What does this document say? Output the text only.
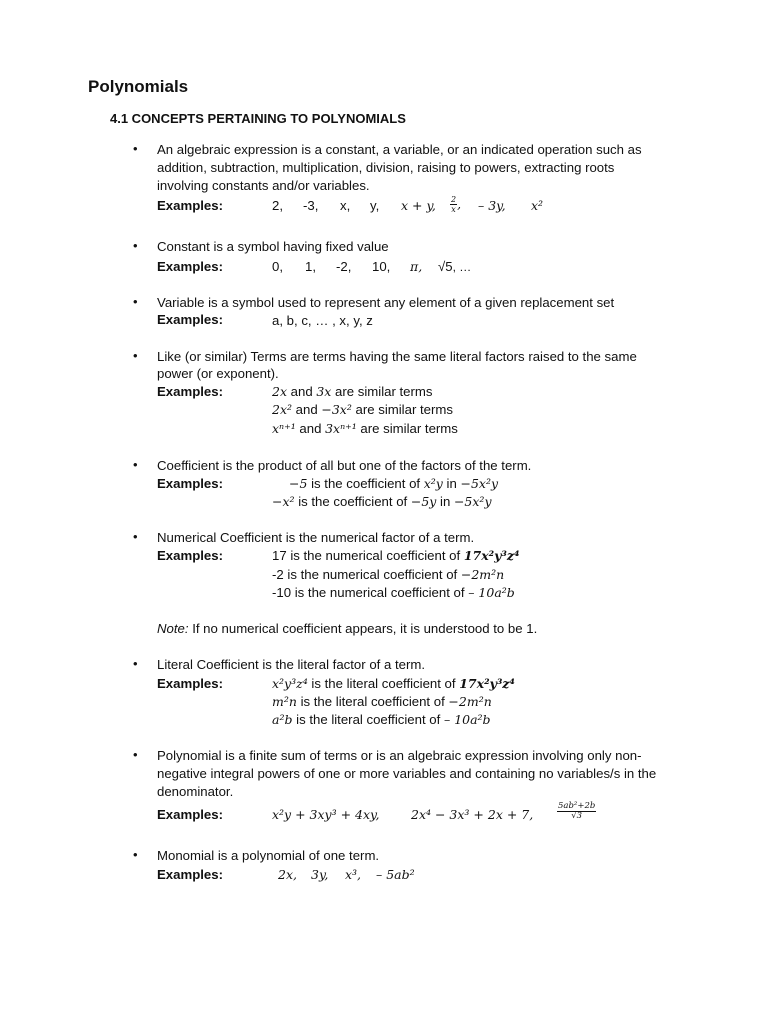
Polynomials
4.1 CONCEPTS PERTAINING TO POLYNOMIALS
• An algebraic expression is a constant, a variable, or an indicated operation such as
addition, subtraction, multiplication, division, raising to powers, extracting roots
involving constants and/or variables.
Examples:	2, -3, x, y, x + y, $\frac{2}{x}$ , – 3y, x²
• Constant is a symbol having fixed value
Examples:	0, 1, -2, 10, π, √5, …
• Variable is a symbol used to represent any element of a given replacement set
Examples:	a, b, c, … , x, y, z
• Like (or similar) Terms are terms having the same literal factors raised to the same
power (or exponent).
Examples:	2x and 3x are similar terms
2x² and −3x² are similar terms
xⁿ⁺¹ and 3xⁿ⁺¹ are similar terms
• Coefficient is the product of all but one of the factors of the term.
Examples:	−5 is the coefficient of x²y in −5x²y
−x² is the coefficient of −5y in −5x²y
• Numerical Coefficient is the numerical factor of a term.
Examples:	17 is the numerical coefficient of 17x²y³z⁴
-2 is the numerical coefficient of −2m²n
-10 is the numerical coefficient of – 10a²b
Note: If no numerical coefficient appears, it is understood to be 1.
• Literal Coefficient is the literal factor of a term.
Examples:	x²y³z⁴ is the literal coefficient of 17x²y³z⁴
m²n is the literal coefficient of −2m²n
a²b is the literal coefficient of – 10a²b
• Polynomial is a finite sum of terms or is an algebraic expression involving only non-
negative integral powers of one or more variables and containing no variables/s in the
denominator.
Examples:	x²y + 3xy³ + 4xy,	2x⁴ − 3x³ + 2x + 7,	$\frac{\text{5ab²+2b}}{√3}$
• Monomial is a polynomial of one term.
Examples:	2x, 3y, x³, – 5ab²
